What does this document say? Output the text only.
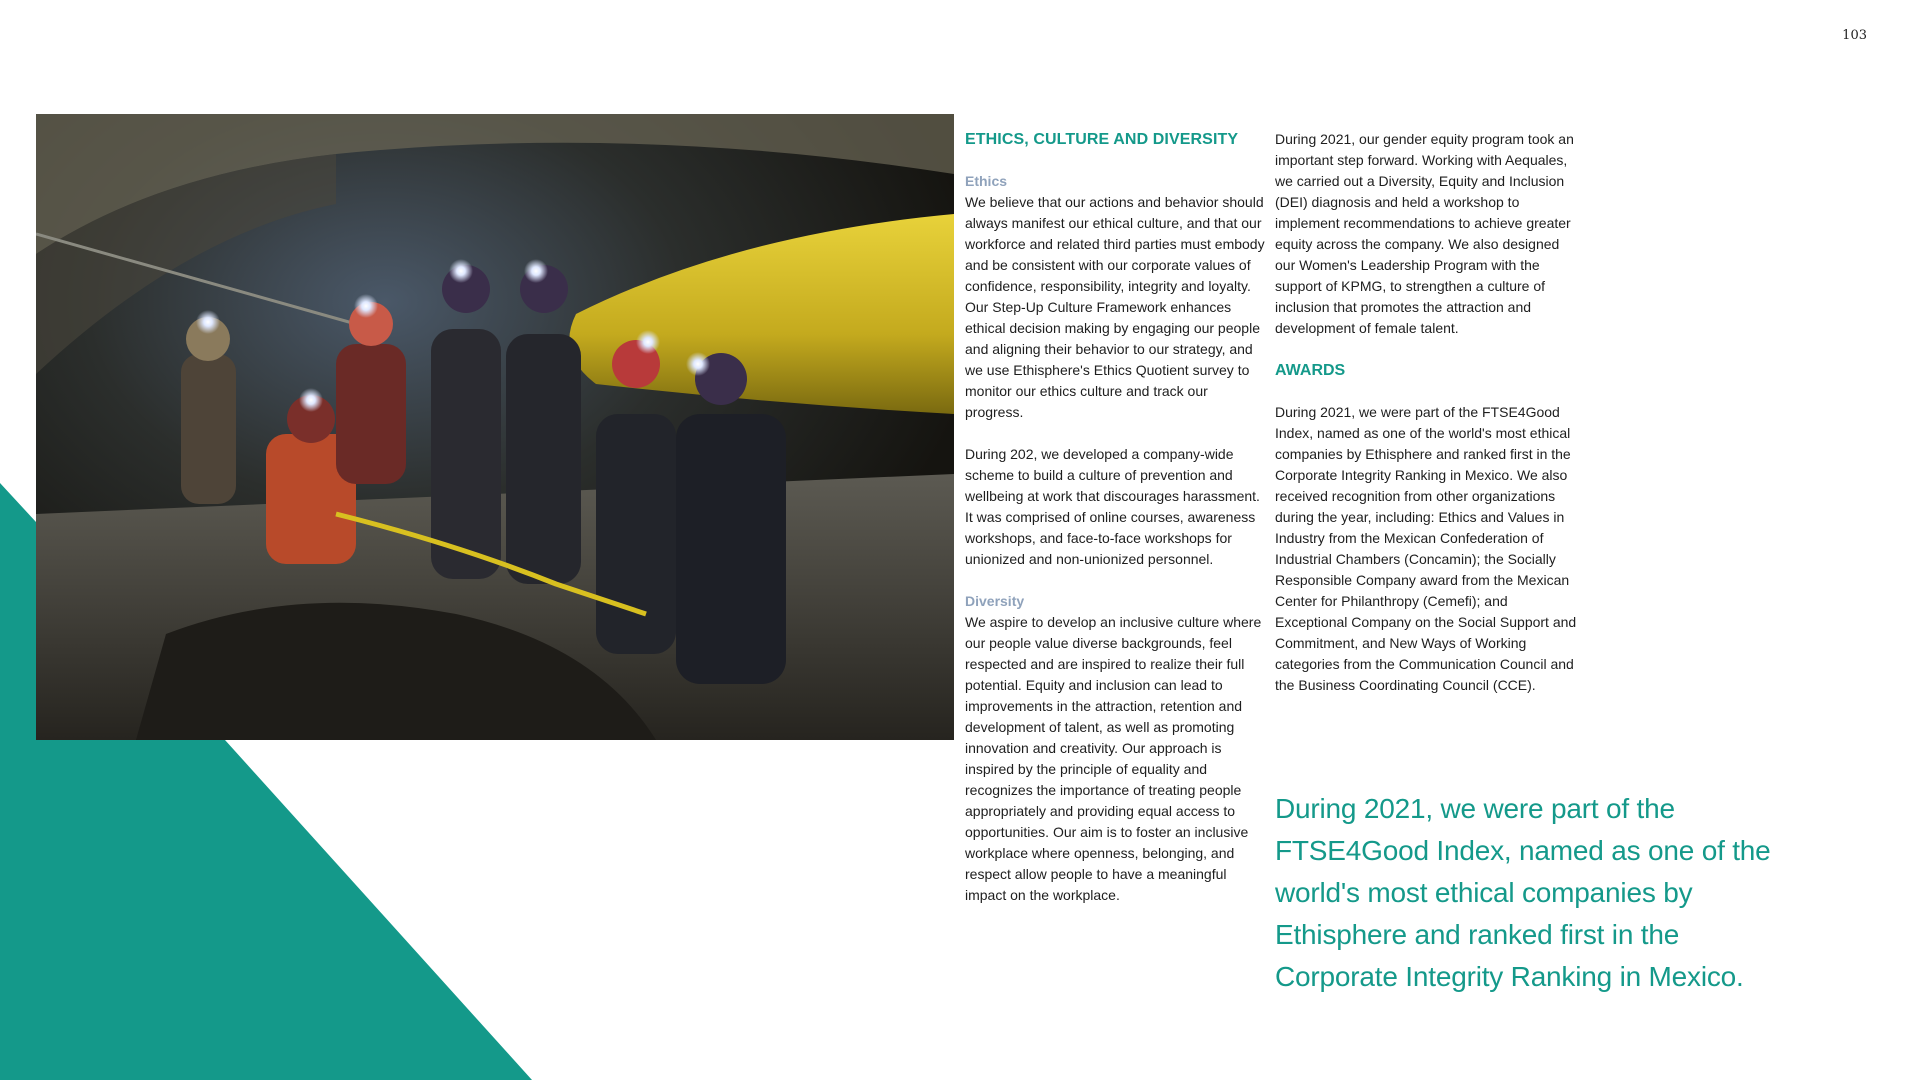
103

ETHICS, CULTURE AND DIVERSITY

Ethics

We believe that our actions and behavior should always manifest our ethical culture, and that our workforce and related third parties must embody and be consistent with our corporate values of confidence, responsibility, integrity and loyalty. Our Step-Up Culture Framework enhances ethical decision making by engaging our people and aligning their behavior to our strategy, and we use Ethisphere's Ethics Quotient survey to monitor our ethics culture and track our progress.

During 202, we developed a company-wide scheme to build a culture of prevention and wellbeing at work that discourages harassment. It was comprised of online courses, awareness workshops, and face-to-face workshops for unionized and non-unionized personnel.

Diversity

We aspire to develop an inclusive culture where our people value diverse backgrounds, feel respected and are inspired to realize their full potential. Equity and inclusion can lead to improvements in the attraction, retention and development of talent, as well as promoting innovation and creativity. Our approach is inspired by the principle of equality and recognizes the importance of treating people appropriately and providing equal access to opportunities. Our aim is to foster an inclusive workplace where openness, belonging, and respect allow people to have a meaningful impact on the workplace.

During 2021, our gender equity program took an important step forward. Working with Aequales, we carried out a Diversity, Equity and Inclusion (DEI) diagnosis and held a workshop to implement recommendations to achieve greater equity across the company. We also designed our Women's Leadership Program with the support of KPMG, to strengthen a culture of inclusion that promotes the attraction and development of female talent.

AWARDS

During 2021, we were part of the FTSE4Good Index, named as one of the world's most ethical companies by Ethisphere and ranked first in the Corporate Integrity Ranking in Mexico. We also received recognition from other organizations during the year, including: Ethics and Values in Industry from the Mexican Confederation of Industrial Chambers (Concamin); the Socially Responsible Company award from the Mexican Center for Philanthropy (Cemefi); and Exceptional Company on the Social Support and Commitment, and New Ways of Working categories from the Communication Council and the Business Coordinating Council (CCE).

During 2021, we were part of the FTSE4Good Index, named as one of the world's most ethical companies by Ethisphere and ranked first in the Corporate Integrity Ranking in Mexico.
